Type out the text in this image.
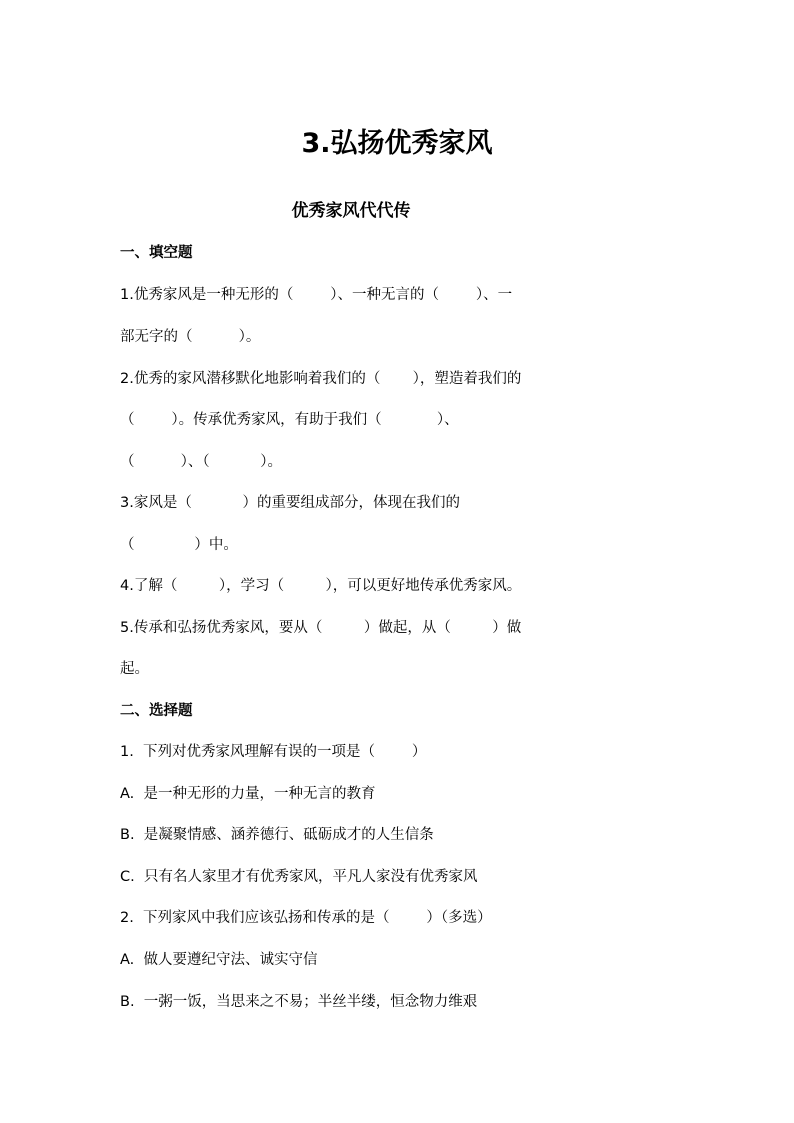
3.弘扬优秀家风
优秀家风代代传
一、填空题
1.优秀家风是一种无形的（        ）、一种无言的（        ）、一
部无字的（          ）。
2.优秀的家风潜移默化地影响着我们的（       ），塑造着我们的
（        ）。传承优秀家风，有助于我们（            ）、
（          ）、（           ）。
3.家风是（           ）的重要组成部分，体现在我们的
（             ）中。
4.了解（         ），学习（         ），可以更好地传承优秀家风。
5.传承和弘扬优秀家风，要从（         ）做起，从（         ）做
起。
二、选择题
1.  下列对优秀家风理解有误的一项是（        ）
A.  是一种无形的力量，一种无言的教育
B.  是凝聚情感、涵养德行、砥砺成才的人生信条
C.  只有名人家里才有优秀家风，平凡人家没有优秀家风
2.  下列家风中我们应该弘扬和传承的是（        ）（多选）
A.  做人要遵纪守法、诚实守信
B.  一粥一饭，当思来之不易；半丝半缕，恒念物力维艰
